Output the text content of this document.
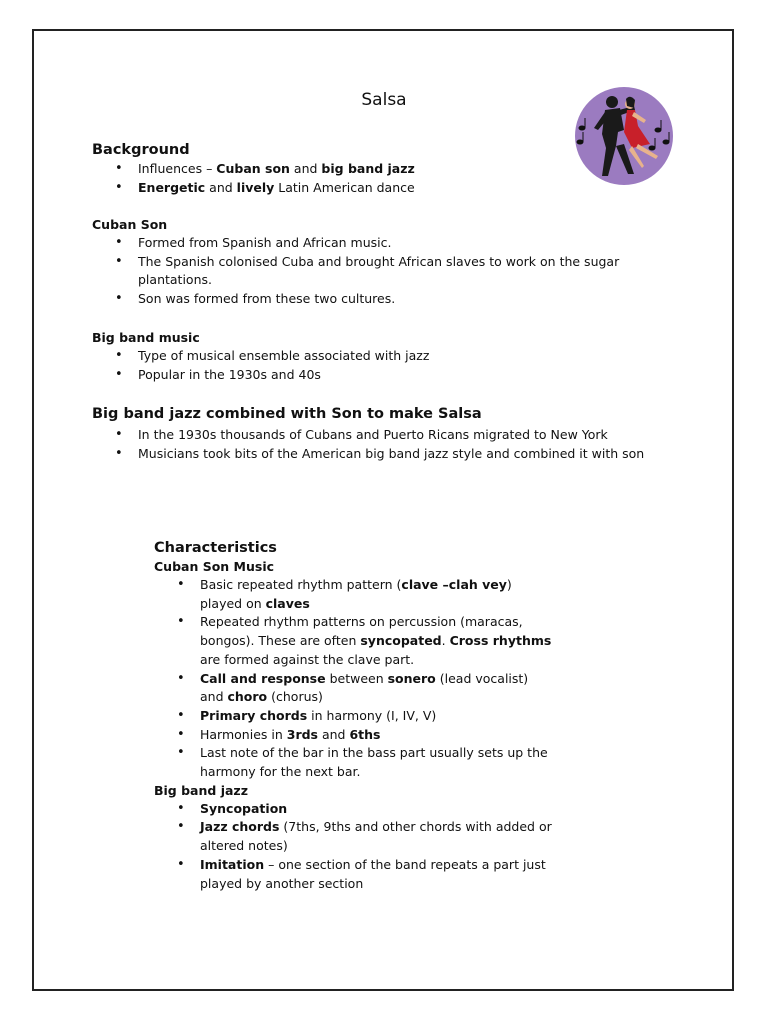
Salsa
Background
• Influences – Cuban son and big band jazz
• Energetic and lively Latin American dance
Cuban Son
• Formed from Spanish and African music.
• The Spanish colonised Cuba and brought African slaves to work on the sugar plantations.
• Son was formed from these two cultures.
Big band music
• Type of musical ensemble associated with jazz
• Popular in the 1930s and 40s
Big band jazz combined with Son to make Salsa
• In the 1930s thousands of Cubans and Puerto Ricans migrated to New York
• Musicians took bits of the American big band jazz style and combined it with son
Characteristics
Cuban Son Music
• Basic repeated rhythm pattern (clave –clah vey) played on claves
• Repeated rhythm patterns on percussion (maracas, bongos). These are often syncopated. Cross rhythms are formed against the clave part.
• Call and response between sonero (lead vocalist) and choro (chorus)
• Primary chords in harmony (I, IV, V)
• Harmonies in 3rds and 6ths
• Last note of the bar in the bass part usually sets up the harmony for the next bar.
Big band jazz
• Syncopation
• Jazz chords (7ths, 9ths and other chords with added or altered notes)
• Imitation – one section of the band repeats a part just played by another section
